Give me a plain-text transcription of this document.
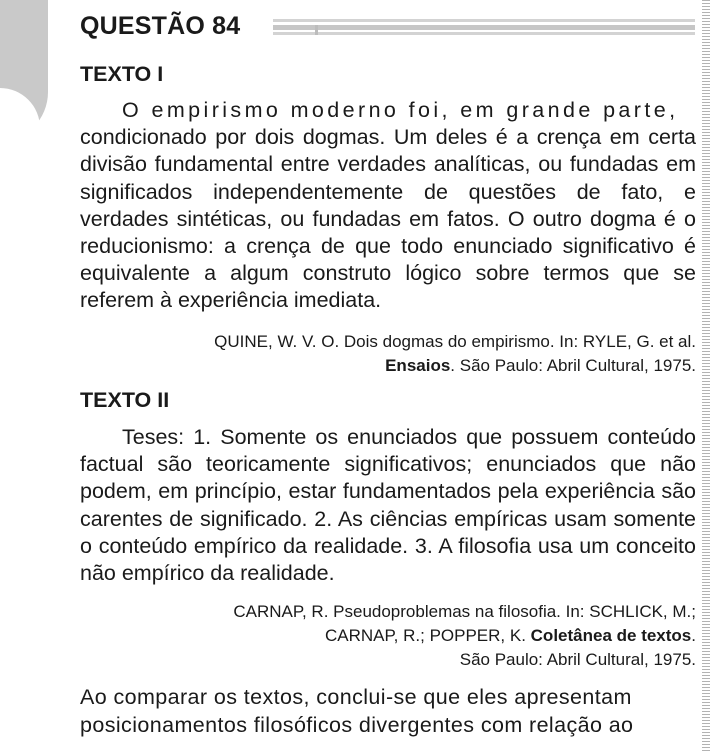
QUESTÃO 84
TEXTO I
O empirismo moderno foi, em grande parte,
condicionado por dois dogmas. Um deles é a crença em certa divisão fundamental entre verdades analíticas, ou fundadas em significados independentemente de questões de fato, e verdades sintéticas, ou fundadas em fatos. O outro dogma é o reducionismo: a crença de que todo enunciado significativo é equivalente a algum construto lógico sobre termos que se referem à experiência imediata.
QUINE, W. V. O. Dois dogmas do empirismo. In: RYLE, G. et al.
Ensaios. São Paulo: Abril Cultural, 1975.
TEXTO II
Teses: 1. Somente os enunciados que possuem conteúdo factual são teoricamente significativos; enunciados que não podem, em princípio, estar fundamentados pela experiência são carentes de significado. 2. As ciências empíricas usam somente o conteúdo empírico da realidade. 3. A filosofia usa um conceito não empírico da realidade.
CARNAP, R. Pseudoproblemas na filosofia. In: SCHLICK, M.;
CARNAP, R.; POPPER, K. Coletânea de textos.
São Paulo: Abril Cultural, 1975.
Ao comparar os textos, conclui-se que eles apresentam
posicionamentos filosóficos divergentes com relação ao
